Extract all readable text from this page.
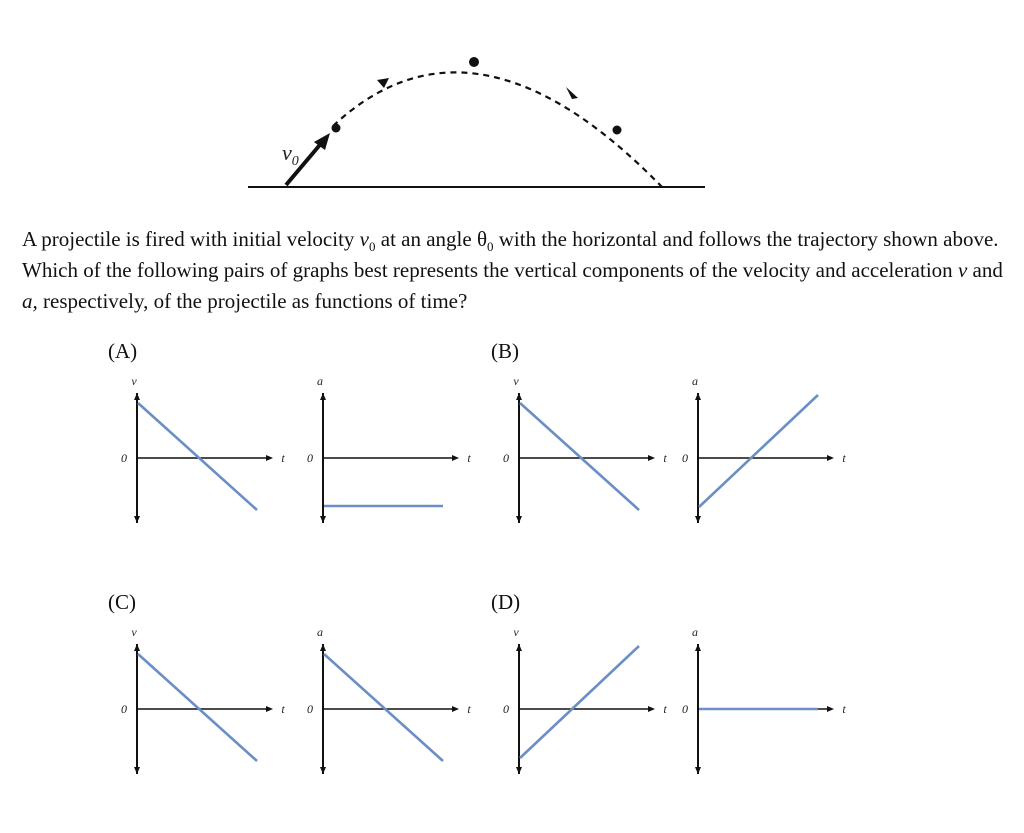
$v_0$

A projectile is fired with initial velocity $v_0$ at an angle $\theta_0$ with the horizontal and follows the trajectory shown above. Which of the following pairs of graphs best represents the vertical components of the velocity and acceleration v and a, respectively, of the projectile as functions of time?

(A)	(B)
(C)	(D)
v
0	t
a
0	t
v
0	t
a
0	t
v
0	t
a
0	t
v
0	t
a
0	t
